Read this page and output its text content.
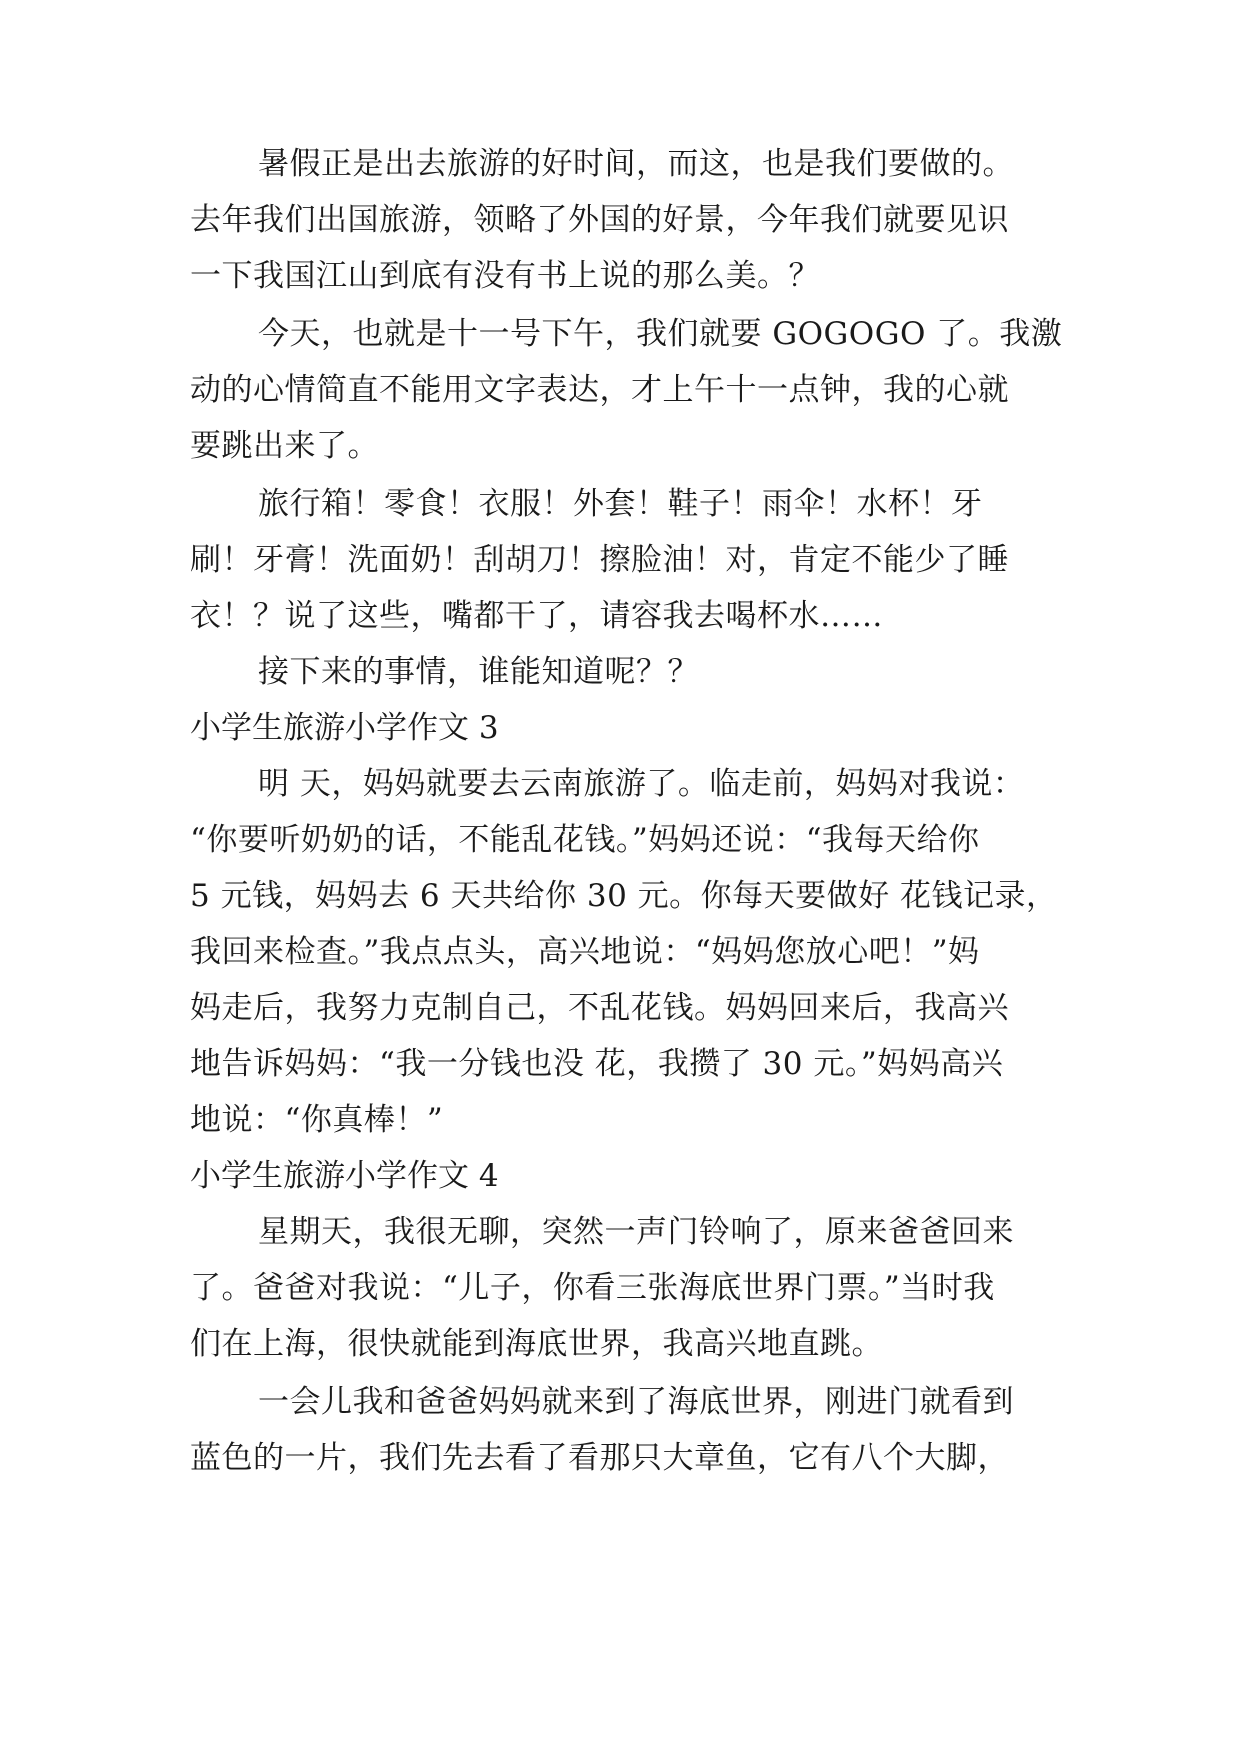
暑假正是出去旅游的好时间，而这，也是我们要做的。

去年我们出国旅游，领略了外国的好景，今年我们就要见识

一下我国江山到底有没有书上说的那么美。？

今天，也就是十一号下午，我们就要 GOGOGO 了。我激

动的心情简直不能用文字表达，才上午十一点钟，我的心就

要跳出来了。

旅行箱！零食！衣服！外套！鞋子！雨伞！水杯！牙

刷！牙膏！洗面奶！刮胡刀！擦脸油！对，肯定不能少了睡

衣！？说了这些，嘴都干了，请容我去喝杯水……

接下来的事情，谁能知道呢？？

小学生旅游小学作文 3

明 天，妈妈就要去云南旅游了。临走前，妈妈对我说：

“你要听奶奶的话，不能乱花钱。”妈妈还说：“我每天给你

5 元钱，妈妈去 6 天共给你 30 元。你每天要做好 花钱记录，

我回来检查。”我点点头，高兴地说：“妈妈您放心吧！”妈

妈走后，我努力克制自己，不乱花钱。妈妈回来后，我高兴

地告诉妈妈：“我一分钱也没 花，我攒了 30 元。”妈妈高兴

地说：“你真棒！”

小学生旅游小学作文 4

星期天，我很无聊，突然一声门铃响了，原来爸爸回来

了。爸爸对我说：“儿子，你看三张海底世界门票。”当时我

们在上海，很快就能到海底世界，我高兴地直跳。

一会儿我和爸爸妈妈就来到了海底世界，刚进门就看到

蓝色的一片，我们先去看了看那只大章鱼，它有八个大脚，
